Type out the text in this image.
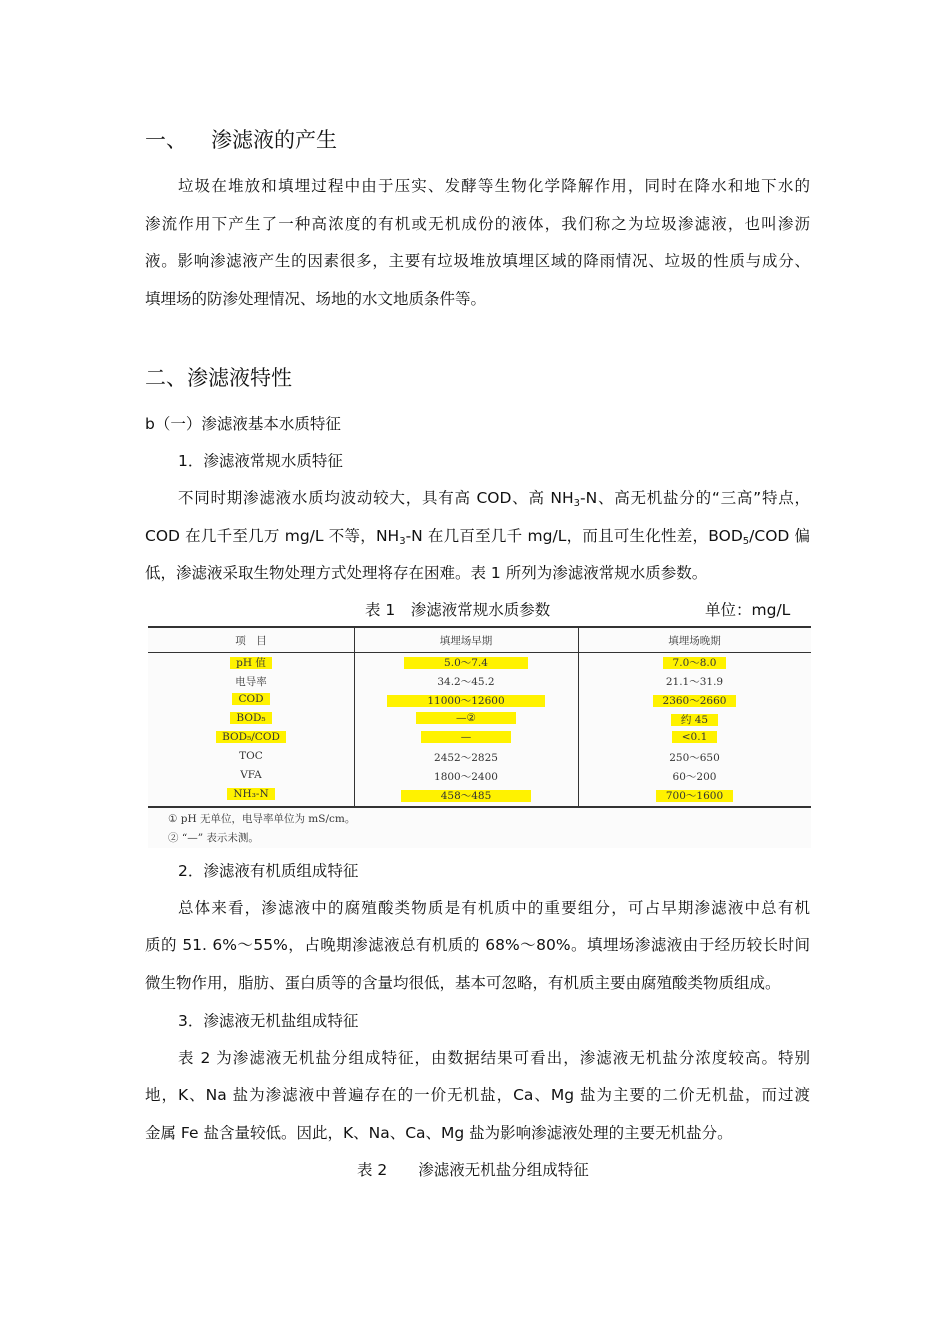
一、 渗滤液的产生
垃圾在堆放和填埋过程中由于压实、发酵等生物化学降解作用，同时在降水和地下水的
渗流作用下产生了一种高浓度的有机或无机成份的液体，我们称之为垃圾渗滤液，也叫渗沥
液。影响渗滤液产生的因素很多，主要有垃圾堆放填埋区域的降雨情况、垃圾的性质与成分、
填埋场的防渗处理情况、场地的水文地质条件等。
二、渗滤液特性
b（一）渗滤液基本水质特征
1．渗滤液常规水质特征
不同时期渗滤液水质均波动较大，具有高 COD、高 $NH_3-N$、高无机盐分的“三高”特点，
COD 在几千至几万 mg/L 不等，$NH_3-N$ 在几百至几千 mg/L，而且可生化性差，$BOD_5$/COD 偏
低，渗滤液采取生物处理方式处理将存在困难。表 1 所列为渗滤液常规水质参数。
表 1　渗滤液常规水质参数	单位：mg/L
项　目	填埋场早期	填埋场晚期
pH 值	5.0～7.4	7.0～8.0
电导率	34.2～45.2	21.1～31.9
COD	11000～12600	2360～2660
BOD₅	—②	约 45
BOD₅/COD	—	<0.1
TOC	2452～2825	250～650
VFA	1800～2400	60～200
NH₃-N	458～485	700～1600
① pH 无单位，电导率单位为 mS/cm。
② “—” 表示未测。
2．渗滤液有机质组成特征
总体来看，渗滤液中的腐殖酸类物质是有机质中的重要组分，可占早期渗滤液中总有机
质的 51. 6%～55%，占晚期渗滤液总有机质的 68%～80%。填埋场渗滤液由于经历较长时间
微生物作用，脂肪、蛋白质等的含量均很低，基本可忽略，有机质主要由腐殖酸类物质组成。
3．渗滤液无机盐组成特征
表 2 为渗滤液无机盐分组成特征，由数据结果可看出，渗滤液无机盐分浓度较高。特别
地，K、Na 盐为渗滤液中普遍存在的一价无机盐，Ca、Mg 盐为主要的二价无机盐，而过渡
金属 Fe 盐含量较低。因此，K、Na、Ca、Mg 盐为影响渗滤液处理的主要无机盐分。
表 2　　渗滤液无机盐分组成特征
